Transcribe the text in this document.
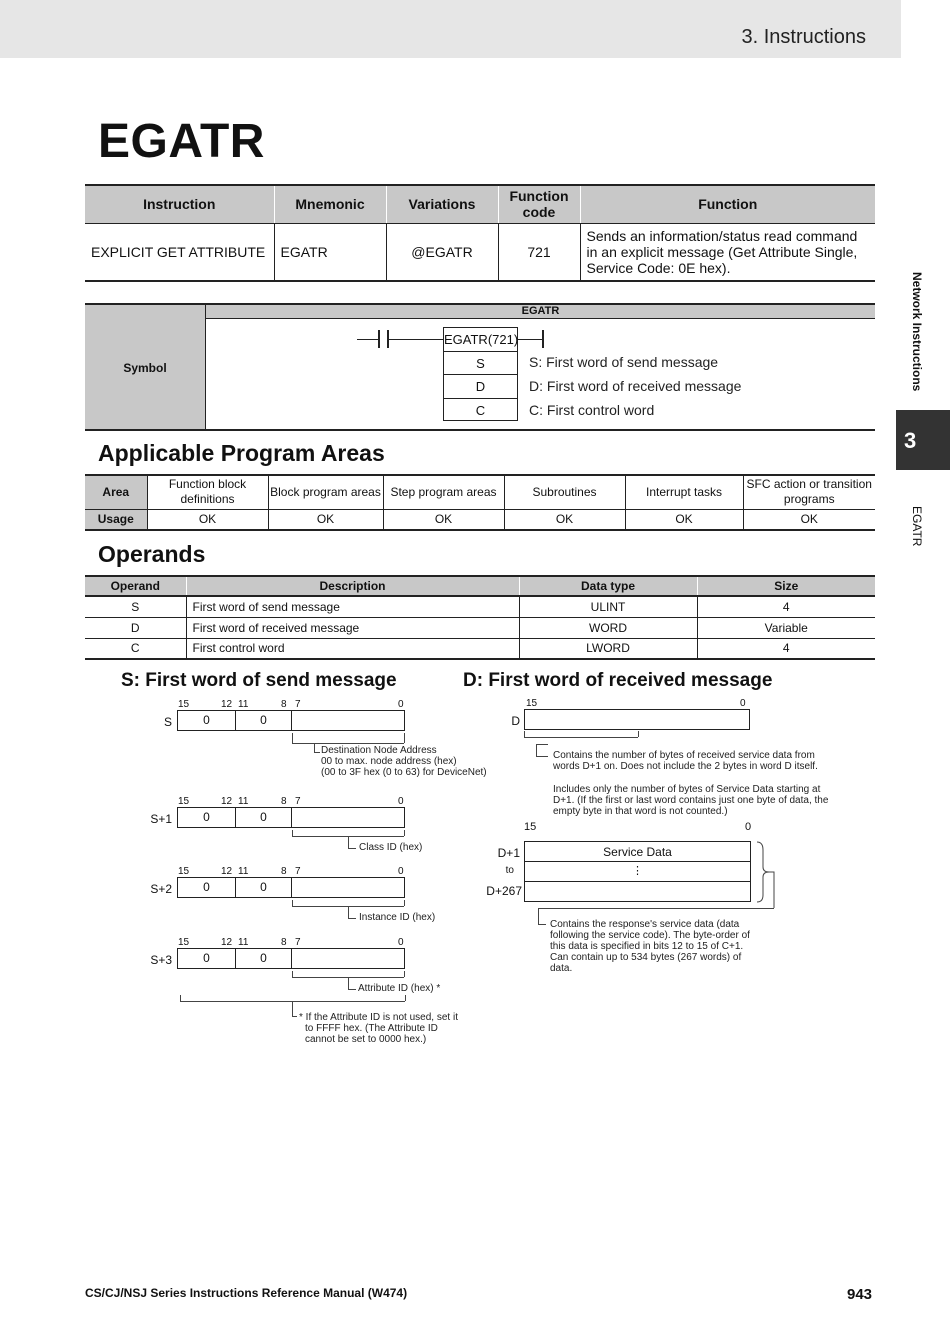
3. Instructions
Network Instructions
3
EGATR
EGATR
Instruction	Mnemonic	Variations	Function code	Function
EXPLICIT GET ATTRIBUTE	EGATR	@EGATR	721	Sends an information/status read command in an explicit message (Get Attribute Single, Service Code: 0E hex).
Symbol
EGATR
EGATR(721)
S
D
C
S: First word of send message
D: First word of received message
C: First control word
Applicable Program Areas
Area	Function block definitions	Block program areas	Step program areas	Subroutines	Interrupt tasks	SFC action or transition programs
Usage	OK	OK	OK	OK	OK	OK
Operands
Operand	Description	Data type	Size
S	First word of send message	ULINT	4
D	First word of received message	WORD	Variable
C	First control word	LWORD	4
S: First word of send message
15	12 11	8 7	0
S	0	0
Destination Node Address
00 to max. node address (hex)
(00 to 3F hex (0 to 63) for DeviceNet)
15	12 11	8 7	0
S+1	0	0
Class ID (hex)
15	12 11	8 7	0
S+2	0	0
Instance ID (hex)
15	12 11	8 7	0
S+3	0	0
Attribute ID (hex) *
* If the Attribute ID is not used, set it
to FFFF hex. (The Attribute ID
cannot be set to 0000 hex.)
D: First word of received message
15	0
D
Contains the number of bytes of received service data from
words D+1 on. Does not include the 2 bytes in word D itself.
Includes only the number of bytes of Service Data starting at
D+1. (If the first or last word contains just one byte of data, the
empty byte in that word is not counted.)
15	0
D+1
to
D+267
Service Data
⋮
Contains the response's service data (data
following the service code). The byte-order of
this data is specified in bits 12 to 15 of C+1.
Can contain up to 534 bytes (267 words) of
data.
CS/CJ/NSJ Series Instructions Reference Manual (W474)	943
